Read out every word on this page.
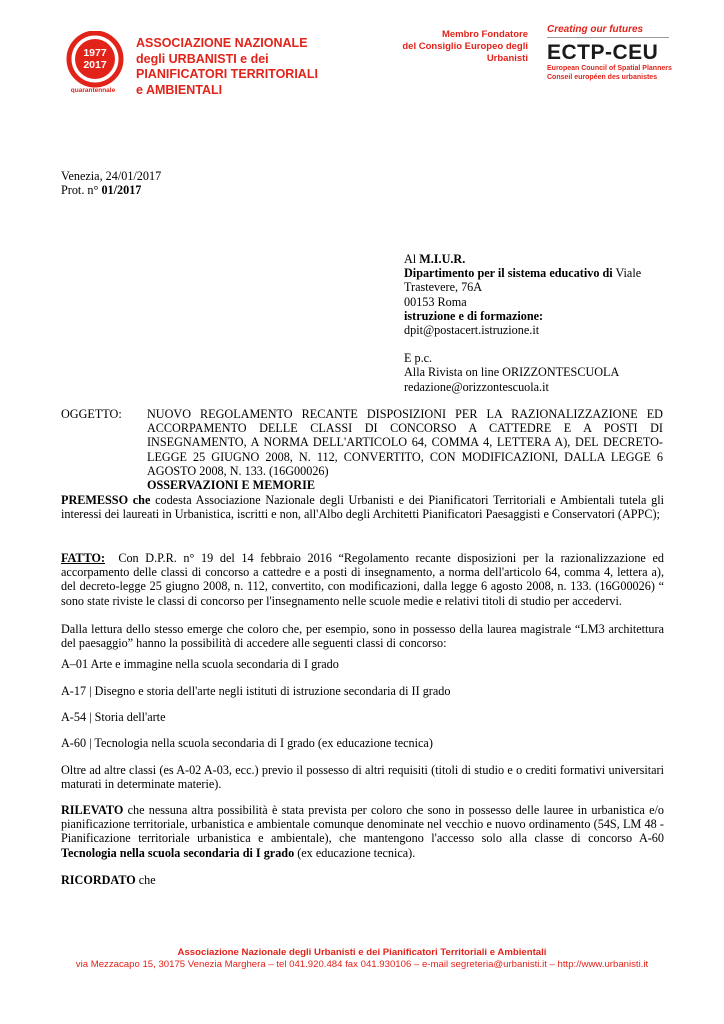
1977
2017
quarantennale
ASSOCIAZIONE NAZIONALE
degli URBANISTI e dei
PIANIFICATORI TERRITORIALI
e AMBIENTALI
Membro Fondatore
del Consiglio Europeo degli Urbanisti
Creating our futures
ECTP-CEU
European Council of Spatial Planners
Conseil européen des urbanistes
Venezia, 24/01/2017
Prot. n° 01/2017
Al M.I.U.R.
Dipartimento per il sistema educativo di Viale
Trastevere, 76A
00153 Roma
istruzione e di formazione:
dpit@postacert.istruzione.it
E p.c.
Alla Rivista on line ORIZZONTESCUOLA
redazione@orizzontescuola.it
OGGETTO: NUOVO REGOLAMENTO RECANTE DISPOSIZIONI PER LA RAZIONALIZZAZIONE ED ACCORPAMENTO DELLE CLASSI DI CONCORSO A CATTEDRE E A POSTI DI INSEGNAMENTO, A NORMA DELL'ARTICOLO 64, COMMA 4, LETTERA A), DEL DECRETO-LEGGE 25 GIUGNO 2008, N. 112, CONVERTITO, CON MODIFICAZIONI, DALLA LEGGE 6 AGOSTO 2008, N. 133. (16G00026)
OSSERVAZIONI E MEMORIE
PREMESSO che codesta Associazione Nazionale degli Urbanisti e dei Pianificatori Territoriali e Ambientali tutela gli interessi dei laureati in Urbanistica, iscritti e non, all'Albo degli Architetti Pianificatori Paesaggisti e Conservatori (APPC);
FATTO: Con D.P.R. n° 19 del 14 febbraio 2016 “Regolamento recante disposizioni per la razionalizzazione ed accorpamento delle classi di concorso a cattedre e a posti di insegnamento, a norma dell'articolo 64, comma 4, lettera a), del decreto-legge 25 giugno 2008, n. 112, convertito, con modificazioni, dalla legge 6 agosto 2008, n. 133. (16G00026) “ sono state riviste le classi di concorso per l'insegnamento nelle scuole medie e relativi titoli di studio per accedervi.
Dalla lettura dello stesso emerge che coloro che, per esempio, sono in possesso della laurea magistrale “LM3 architettura del paesaggio” hanno la possibilità di accedere alle seguenti classi di concorso:
A–01 Arte e immagine nella scuola secondaria di I grado
A-17 | Disegno e storia dell'arte negli istituti di istruzione secondaria di II grado
A-54 | Storia dell'arte
A-60 | Tecnologia nella scuola secondaria di I grado (ex educazione tecnica)
Oltre ad altre classi (es A-02 A-03, ecc.) previo il possesso di altri requisiti (titoli di studio e o crediti formativi universitari maturati in determinate materie).
RILEVATO che nessuna altra possibilità è stata prevista per coloro che sono in possesso delle lauree in urbanistica e/o pianificazione territoriale, urbanistica e ambientale comunque denominate nel vecchio e nuovo ordinamento (54S, LM 48 - Pianificazione territoriale urbanistica e ambientale), che mantengono l'accesso solo alla classe di concorso A-60 Tecnologia nella scuola secondaria di I grado (ex educazione tecnica).
RICORDATO che
Associazione Nazionale degli Urbanisti e dei Pianificatori Territoriali e Ambientali
via Mezzacapo 15, 30175 Venezia Marghera – tel 041.920.484 fax 041.930106 – e-mail segreteria@urbanisti.it – http://www.urbanisti.it
